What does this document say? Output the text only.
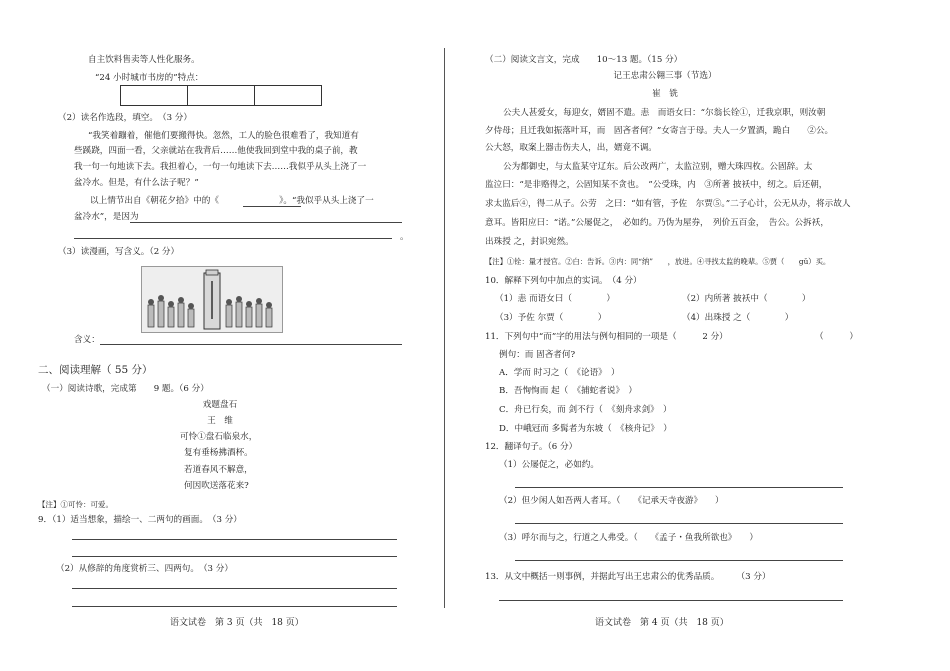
自主饮料售卖等人性化服务。
“24 小时城市书房的”特点：

（2）读名作选段，填空。　（3 分）
“我笑着蹦着，催他们要搬得快。忽然，工人的脸色很难看了，我知道有
些蹊跷，四面一看，父亲就站在我背后……他使我回到堂中我的桌子前，教
我一句一句地读下去。我担着心，一句一句地读下去……我似乎从头上浇了一
盆冷水。但是，有什么法子呢？”
以上情节出自《朝花夕拾》中的《　　　　　　　》。“我似乎从头上浇了一
盆冷水”，是因为
。
（3）读漫画，写含义。（2 分）
含义：
二、阅读理解（ 55 分）
（一）阅读诗歌，完成第　　9 题。（6 分）
戏题盘石
王　维
可怜①盘石临泉水，
复有垂杨拂酒杯。
若道春风不解意，
何因吹送落花来?
【注】①可怜：可爱。
9．（1）适当想象，描绘一、二两句的画面。　（3 分）
（2）从修辞的角度赏析三、四两句。　（3 分）
语文试卷　第 3 页（共　18 页）
（二）阅读文言文，完成　　10～13 题。（15 分）
记王忠肃公翱三事（节选）
崔　铣
公夫人甚爱女，每迎女，婿固不遣。恚　而语女曰：“尔翁长铨①，迁我京职，则汝朝
夕侍母；且迁我如振落叶耳，而　固吝者何？”女寄言于母。夫人一夕置酒，跪白　　②公。
公大怒，取案上器击伤夫人，出，婿竟不调。
公为都御史，与太监某守辽东。后公改两广，太监泣别，赠大珠四枚。公固辞。太
监泣曰：“是非赂得之，公固知某不贪也。　”公受珠，内　③所著 披袄中，纫之。后还朝，
求太监后④，得二从子。公劳　之曰：“如有管，予佐　尔贾⑤。”二子心计，公无从办，将示故人
意耳。皆阳应曰：“诺。”公屡促之，　必如约。乃伪为屋券，　列价五百金，　告公。公拆袄，
出珠授 之，封识宛然。
【注】①铨：量才授官。②白：告诉。③内：同“纳”　　，放进。④寻找太监的晚辈。⑤贾（　　gǔ）买。
10．解释下列句中加点的实词。　（4 分）
（1）恚 而语女曰（　　　　）	（2）内所著 披袄中（　　　　）
（3）予佐 尔贾（　　　　）	（4）出珠授 之（　　　　）
11．下列句中“而”字的用法与例句相同的一项是（　　　2 分）	（　　　）
例句：而 固吝者何?
A．学而 时习之（　《论语》　）
B．吾恂恂而 起（　《捕蛇者说》　）
C．舟已行矣，而 剑不行（　《刻舟求剑》　）
D．中峨冠而 多髯者为东坡（　《核舟记》　）
12．翻译句子。（6 分）
（1）公屡促之，必如约。
（2）但少闲人如吾两人者耳。（　　《记承天寺夜游》　　）
（3）呼尔而与之，行道之人弗受。（　　《孟子・鱼我所欲也》　　）
13．从文中概括一则事例，并据此写出王忠肃公的优秀品质。　　　（3 分）
语文试卷　第 4 页（共　18 页）
